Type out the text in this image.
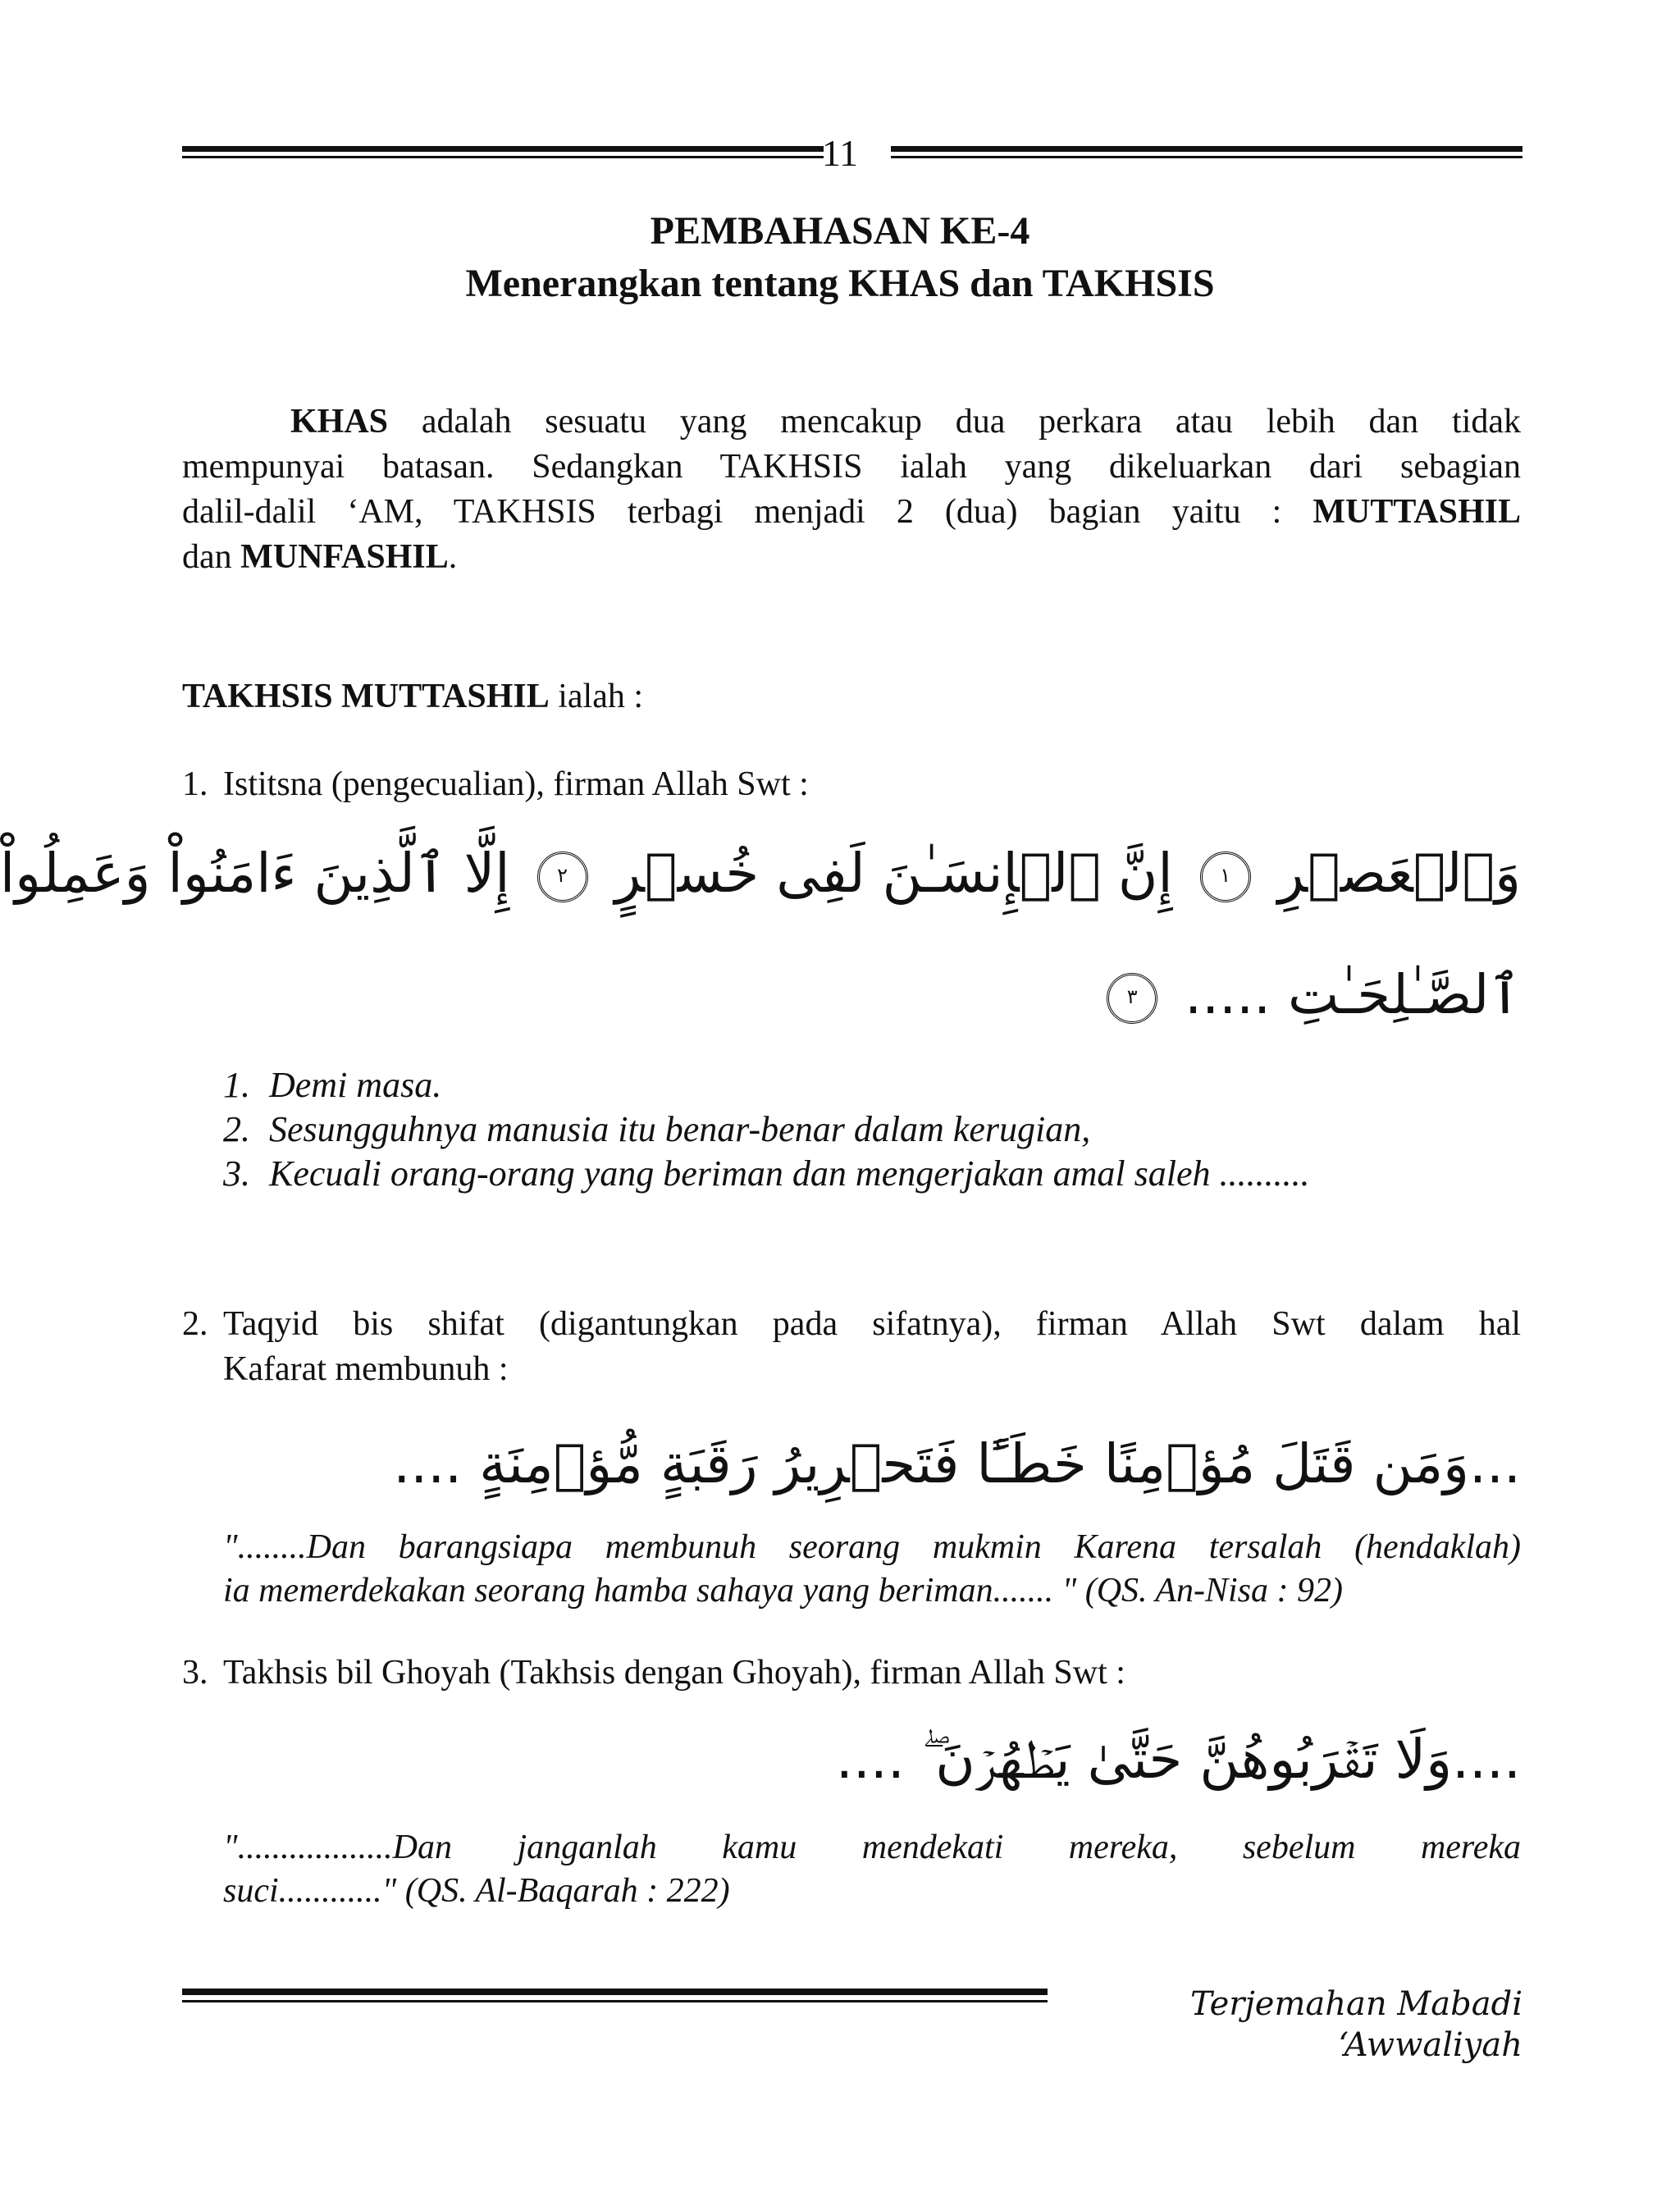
11
PEMBAHASAN KE-4
Menerangkan tentang KHAS dan TAKHSIS
KHAS adalah sesuatu yang mencakup dua perkara atau lebih dan tidak
mempunyai batasan. Sedangkan TAKHSIS ialah yang dikeluarkan dari sebagian
dalil-dalil ‘AM, TAKHSIS terbagi menjadi 2 (dua) bagian yaitu : MUTTASHIL
dan MUNFASHIL.
TAKHSIS MUTTASHIL ialah :
1. Istitsna (pengecualian), firman Allah Swt :
وَٱلۡعَصۡرِ ١ إِنَّ ٱلۡإِنسَـٰنَ لَفِى خُسۡرٍ ٢ إِلَّا ٱلَّذِينَ ءَامَنُواْ وَعَمِلُواْ
ٱلصَّـٰلِحَـٰتِ ..... ٣
1. Demi masa.
2. Sesungguhnya manusia itu benar-benar dalam kerugian,
3. Kecuali orang-orang yang beriman dan mengerjakan amal saleh ..........
2. Taqyid bis shifat (digantungkan pada sifatnya), firman Allah Swt dalam hal
Kafarat membunuh :
...وَمَن قَتَلَ مُؤۡمِنًا خَطَـًٔا فَتَحۡرِيرُ رَقَبَةٍ مُّؤۡمِنَةٍ ....
"........Dan barangsiapa membunuh seorang mukmin Karena tersalah (hendaklah)
ia memerdekakan seorang hamba sahaya yang beriman....... " (QS. An-Nisa : 92)
3. Takhsis bil Ghoyah (Takhsis dengan Ghoyah), firman Allah Swt :
....وَلَا تَقۡرَبُوهُنَّ حَتَّىٰ يَطۡهُرۡنَ ۖ ....
"..................Dan janganlah kamu mendekati mereka, sebelum mereka
suci............" (QS. Al-Baqarah : 222)
Terjemahan Mabadi ‘Awwaliyah
